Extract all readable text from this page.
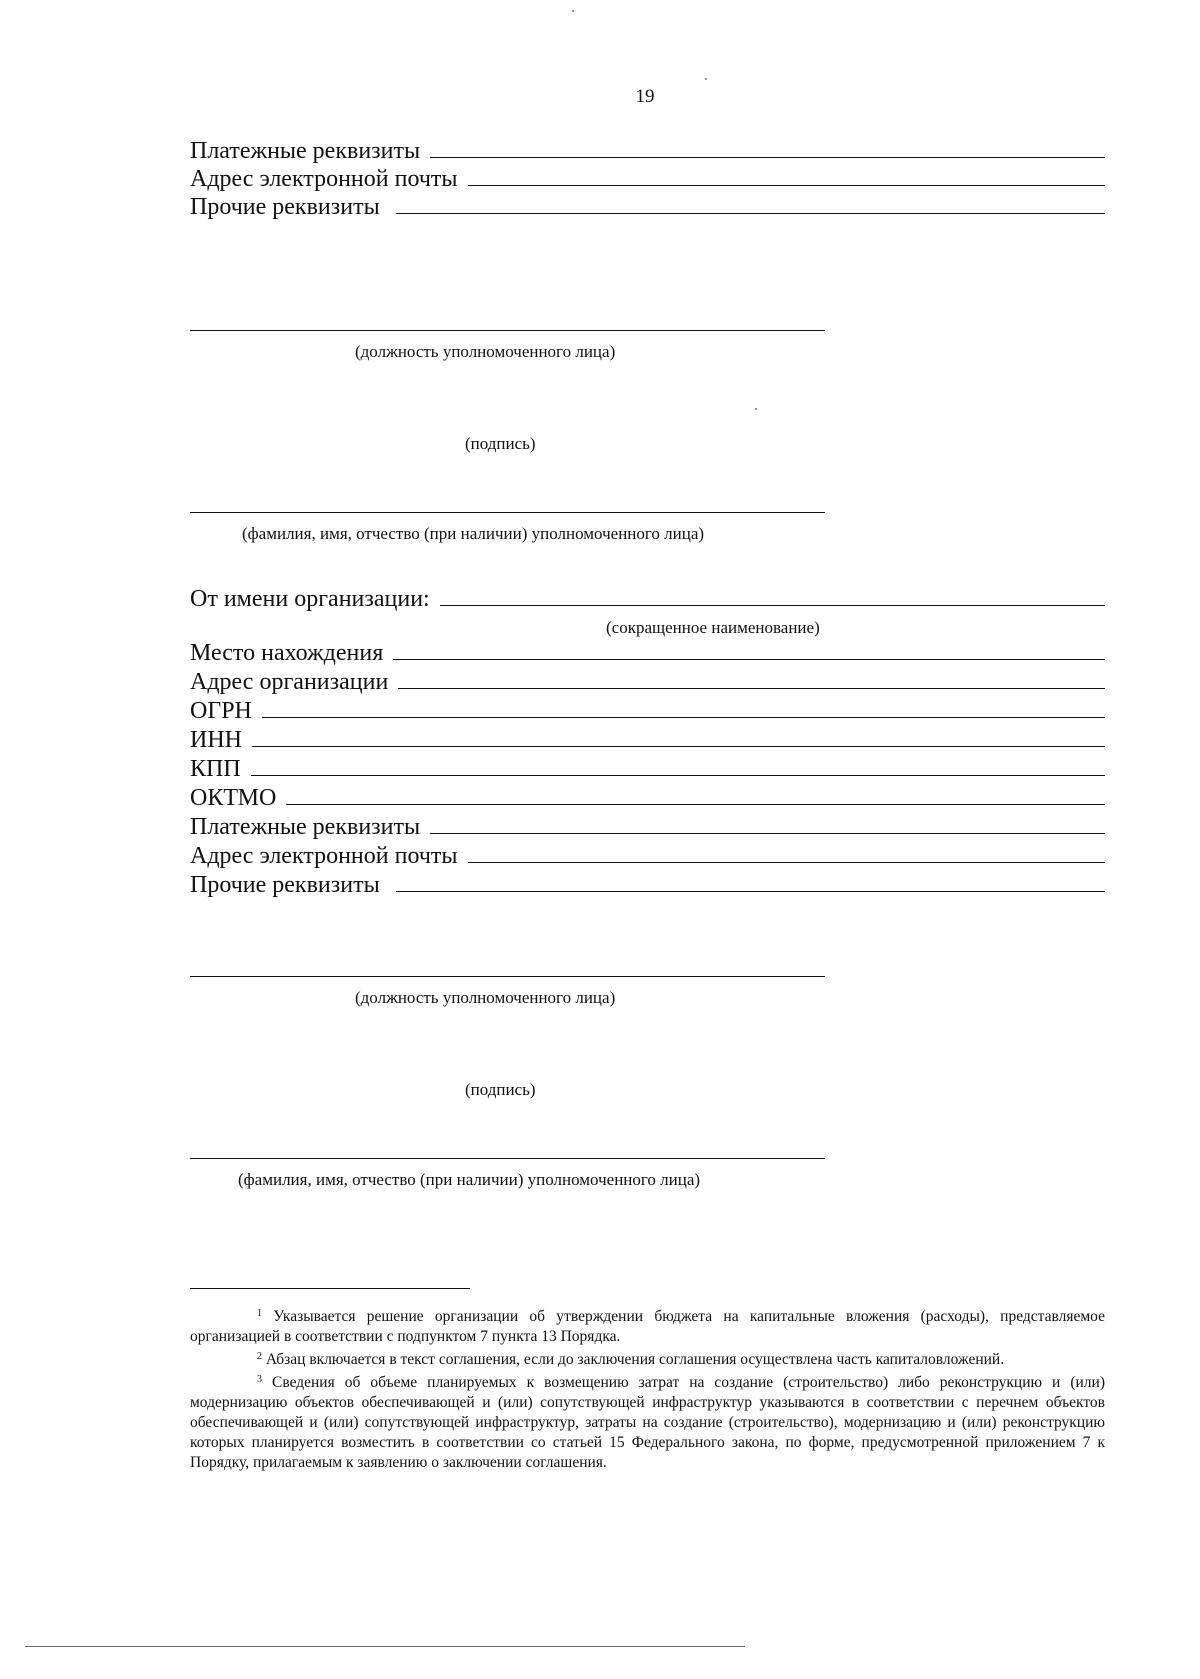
19
Платежные реквизиты
Адрес электронной почты
Прочие реквизиты
(должность уполномоченного лица)
(подпись)
(фамилия, имя, отчество (при наличии) уполномоченного лица)
От имени организации:
(сокращенное наименование)
Место нахождения
Адрес организации
ОГРН
ИНН
КПП
ОКТМО
Платежные реквизиты
Адрес электронной почты
Прочие реквизиты
(должность уполномоченного лица)
(подпись)
(фамилия, имя, отчество (при наличии) уполномоченного лица)

$^1$ Указывается решение организации об утверждении бюджета на капитальные вложения (расходы), представляемое организацией в соответствии с подпунктом 7 пункта 13 Порядка.

$^2$ Абзац включается в текст соглашения, если до заключения соглашения осуществлена часть капиталовложений.

$^3$ Сведения об объеме планируемых к возмещению затрат на создание (строительство) либо реконструкцию и (или) модернизацию объектов обеспечивающей и (или) сопутствующей инфраструктур указываются в соответствии с перечнем объектов обеспечивающей и (или) сопутствующей инфраструктур, затраты на создание (строительство), модернизацию и (или) реконструкцию которых планируется возместить в соответствии со статьей 15 Федерального закона, по форме, предусмотренной приложением 7 к Порядку, прилагаемым к заявлению о заключении соглашения.
